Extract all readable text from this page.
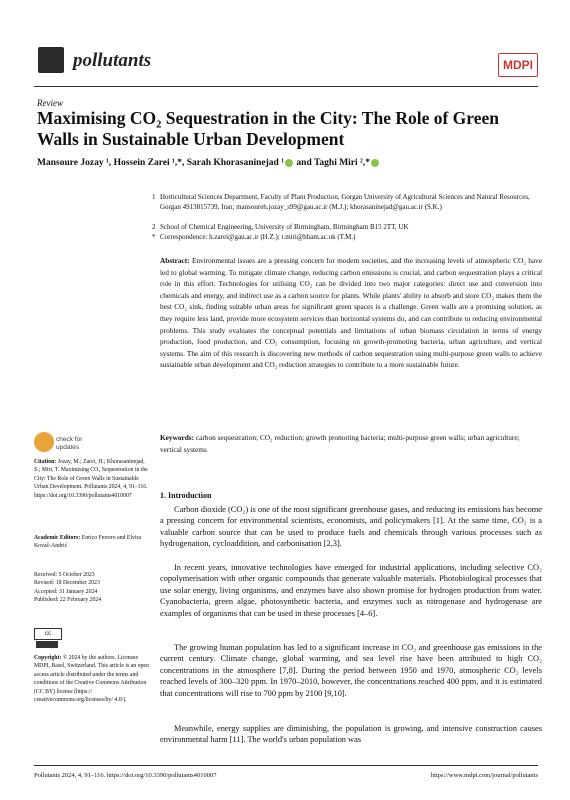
pollutants	MDPI
Review
Maximising CO₂ Sequestration in the City: The Role of Green Walls in Sustainable Urban Development
Mansoure Jozay ¹, Hossein Zarei ¹,*, Sarah Khorasaninejad ¹ and Taghi Miri ²,*
1 Horticultural Sciences Department, Faculty of Plant Production, Gorgan University of Agricultural Sciences and Natural Resources, Gorgan 4913815739, Iran; mansoureh.jozay_s99@gau.ac.ir (M.J.); khorasaninejad@gau.ac.ir (S.K.)
2 School of Chemical Engineering, University of Birmingham, Birmingham B15 2TT, UK
* Correspondence: h.zarei@gau.ac.ir (H.Z.); t.miri@bham.ac.uk (T.M.)
Abstract: Environmental issues are a pressing concern for modern societies, and the increasing levels of atmospheric CO₂ have led to global warming. To mitigate climate change, reducing carbon emissions is crucial, and carbon sequestration plays a critical role in this effort. Technologies for utilising CO₂ can be divided into two major categories: direct use and conversion into chemicals and energy, and indirect use as a carbon source for plants. While plants' ability to absorb and store CO₂ makes them the best CO₂ sink, finding suitable urban areas for significant green spaces is a challenge. Green walls are a promising solution, as they require less land, provide more ecosystem services than horizontal systems do, and can contribute to reducing environmental problems. This study evaluates the conceptual potentials and limitations of urban biomass circulation in terms of energy production, food production, and CO₂ consumption, focusing on growth-promoting bacteria, urban agriculture, and vertical systems. The aim of this research is discovering new methods of carbon sequestration using multi-purpose green walls to achieve sustainable urban development and CO₂ reduction strategies to contribute to a more sustainable future.
Keywords: carbon sequestration; CO₂ reduction; growth promoting bacteria; multi-purpose green walls; urban agriculture; vertical systems
check for
updates
Citation: Jozay, M.; Zarei, H.; Khorasaninejad, S.; Miri, T. Maximising CO₂ Sequestration in the City: The Role of Green Walls in Sustainable Urban Development. Pollutants 2024, 4, 91–116. https://doi.org/10.3390/pollutants4010007
Academic Editors: Enrico Ferrero and Elvira Kovač-Andrić
Received: 5 October 2023
Revised: 18 December 2023
Accepted: 31 January 2024
Published: 22 February 2024
cc
Copyright: © 2024 by the authors. Licensee MDPI, Basel, Switzerland. This article is an open access article distributed under the terms and conditions of the Creative Commons Attribution (CC BY) license (https:// creativecommons.org/licenses/by/ 4.0/).
1. Introduction
Carbon dioxide (CO₂) is one of the most significant greenhouse gases, and reducing its emissions has become a pressing concern for environmental scientists, economists, and policymakers [1]. At the same time, CO₂ is a valuable carbon source that can be used to produce fuels and chemicals through various processes such as hydrogenation, cycloaddition, and carbonisation [2,3].
In recent years, innovative technologies have emerged for industrial applications, including selective CO₂ copolymerisation with other organic compounds that generate valuable materials. Photobiological processes that use solar energy, living organisms, and enzymes have also shown promise for hydrogen production from water. Cyanobacteria, green algae, photosynthetic bacteria, and enzymes such as nitrogenase and hydrogenase are examples of organisms that can be used in these processes [4–6].
The growing human population has led to a significant increase in CO₂ and greenhouse gas emissions in the current century. Climate change, global warming, and sea level rise have been attributed to high CO₂ concentrations in the atmosphere [7,8]. During the period between 1950 and 1970, atmospheric CO₂ levels reached levels of 300–320 ppm. In 1970–2010, however, the concentrations reached 400 ppm, and it is estimated that concentrations will rise to 700 ppm by 2100 [9,10].
Meanwhile, energy supplies are diminishing, the population is growing, and intensive construction causes environmental harm [11]. The world's urban population was
Pollutants 2024, 4, 91–116. https://doi.org/10.3390/pollutants4010007	https://www.mdpi.com/journal/pollutants
